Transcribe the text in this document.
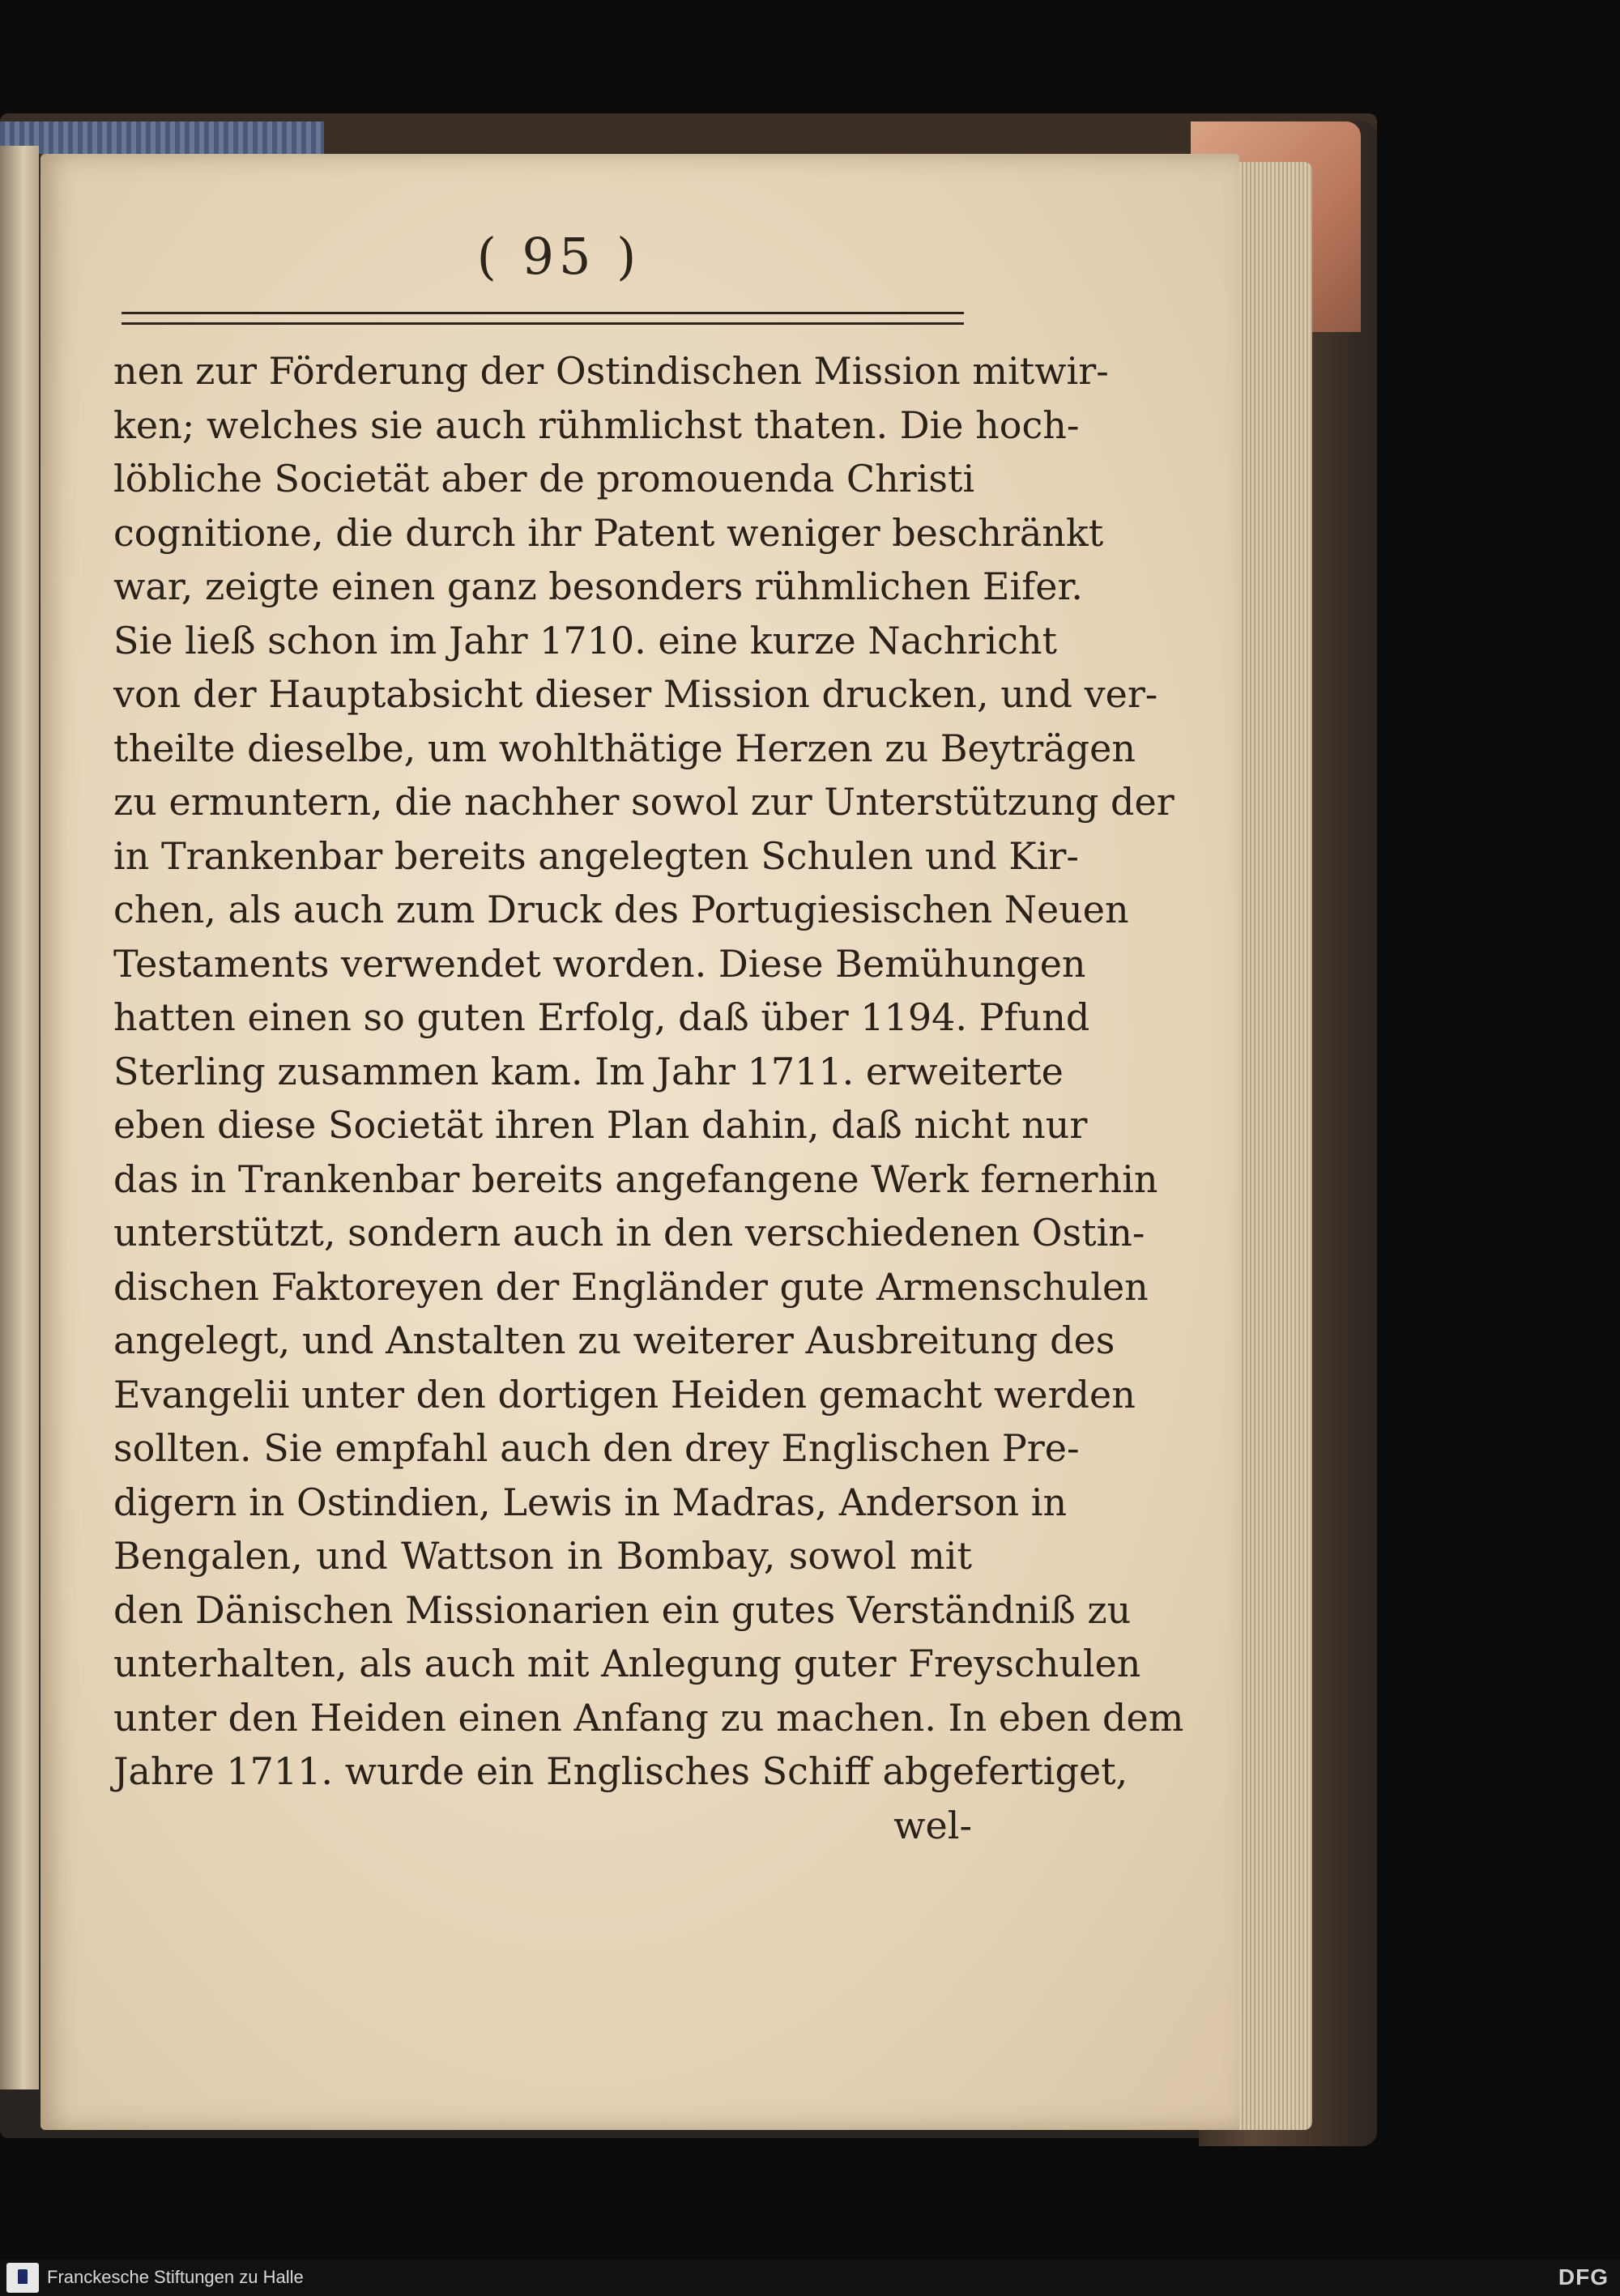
( 95 )
nen zur Förderung der Ostindischen Mission mitwir-
ken; welches sie auch rühmlichst thaten. Die hoch-
löbliche Societät aber de promouenda Christi
cognitione, die durch ihr Patent weniger beschränkt
war, zeigte einen ganz besonders rühmlichen Eifer.
Sie ließ schon im Jahr 1710. eine kurze Nachricht
von der Hauptabsicht dieser Mission drucken, und ver-
theilte dieselbe, um wohlthätige Herzen zu Beyträgen
zu ermuntern, die nachher sowol zur Unterstützung der
in Trankenbar bereits angelegten Schulen und Kir-
chen, als auch zum Druck des Portugiesischen Neuen
Testaments verwendet worden. Diese Bemühungen
hatten einen so guten Erfolg, daß über 1194. Pfund
Sterling zusammen kam. Im Jahr 1711. erweiterte
eben diese Societät ihren Plan dahin, daß nicht nur
das in Trankenbar bereits angefangene Werk fernerhin
unterstützt, sondern auch in den verschiedenen Ostin-
dischen Faktoreyen der Engländer gute Armenschulen
angelegt, und Anstalten zu weiterer Ausbreitung des
Evangelii unter den dortigen Heiden gemacht werden
sollten. Sie empfahl auch den drey Englischen Pre-
digern in Ostindien, Lewis in Madras, Anderson in
Bengalen, und Wattson in Bombay, sowol mit
den Dänischen Missionarien ein gutes Verständniß zu
unterhalten, als auch mit Anlegung guter Freyschulen
unter den Heiden einen Anfang zu machen. In eben dem
Jahre 1711. wurde ein Englisches Schiff abgefertiget,
wel-
Franckesche Stiftungen zu Halle	DFG
